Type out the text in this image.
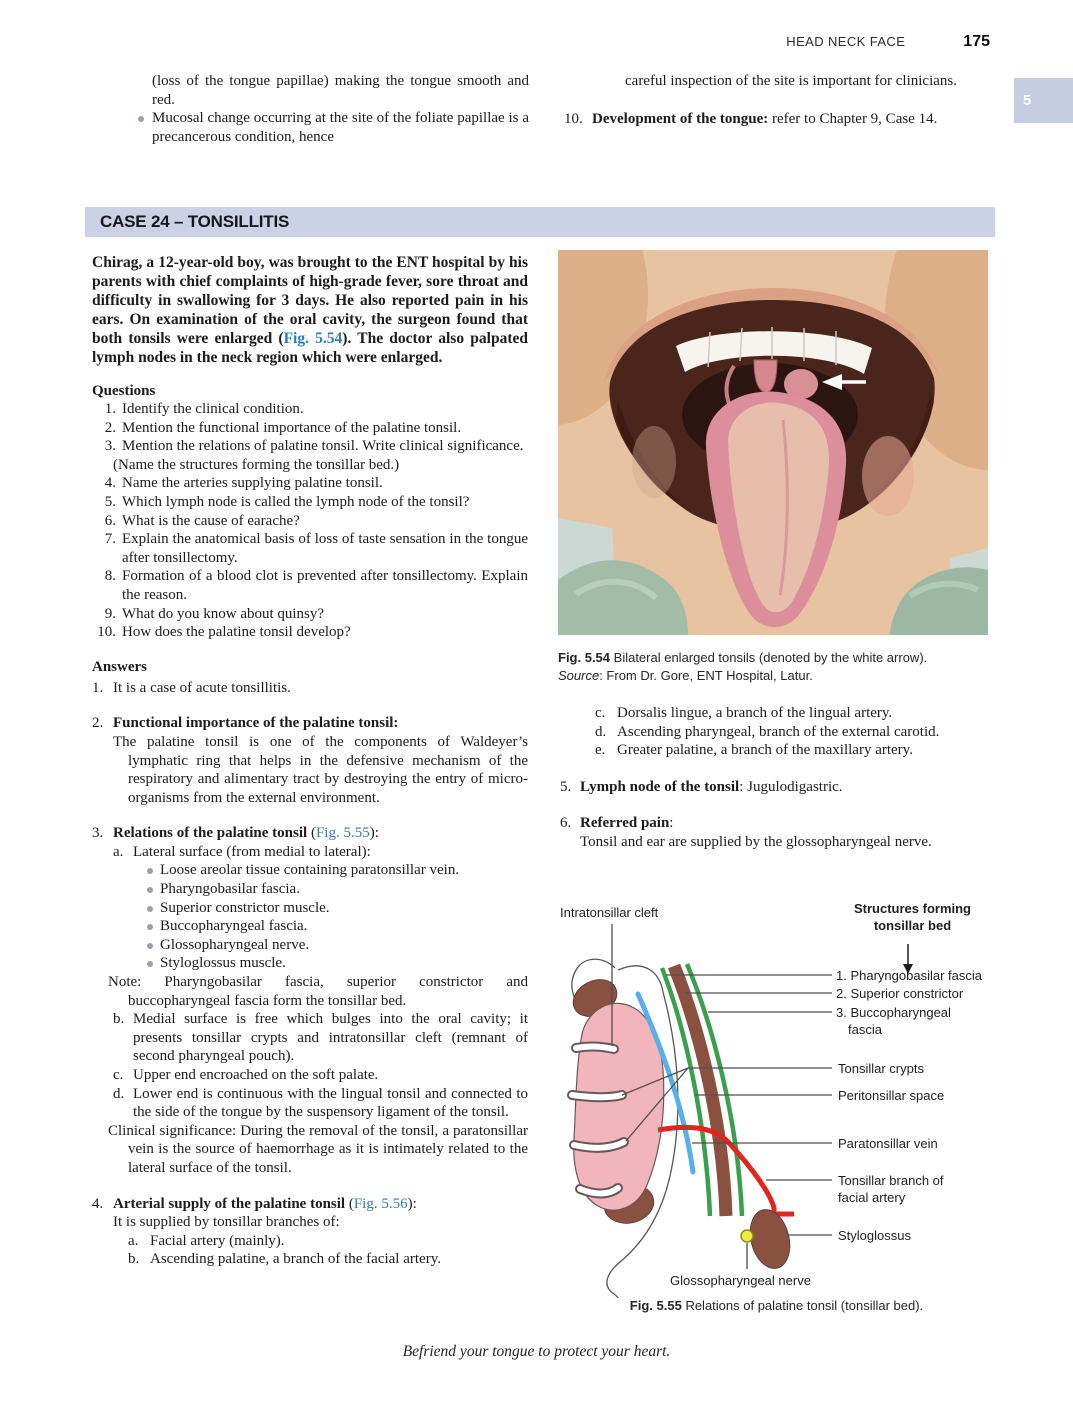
HEAD NECK FACE	175
5
(loss of the tongue papillae) making the tongue smooth and red.
Mucosal change occurring at the site of the foliate papillae is a precancerous condition, hence
careful inspection of the site is important for clinicians.
10. Development of the tongue: refer to Chapter 9, Case 14.
CASE 24 – TONSILLITIS

Chirag, a 12-year-old boy, was brought to the ENT hospital by his parents with chief complaints of high-grade fever, sore throat and difficulty in swallowing for 3 days. He also reported pain in his ears. On examination of the oral cavity, the surgeon found that both tonsils were enlarged (Fig. 5.54). The doctor also palpated lymph nodes in the neck region which were enlarged.

Questions
1. Identify the clinical condition.
2. Mention the functional importance of the palatine tonsil.
3. Mention the relations of palatine tonsil. Write clinical significance.
(Name the structures forming the tonsillar bed.)
4. Name the arteries supplying palatine tonsil.
5. Which lymph node is called the lymph node of the tonsil?
6. What is the cause of earache?
7. Explain the anatomical basis of loss of taste sensation in the tongue after tonsillectomy.
8. Formation of a blood clot is prevented after tonsillectomy. Explain the reason.
9. What do you know about quinsy?
10. How does the palatine tonsil develop?
Answers
1. It is a case of acute tonsillitis.
2. Functional importance of the palatine tonsil:
The palatine tonsil is one of the components of Waldeyer’s lymphatic ring that helps in the defensive mechanism of the respiratory and alimentary tract by destroying the entry of micro-organisms from the external environment.
3. Relations of the palatine tonsil (Fig. 5.55):
a. Lateral surface (from medial to lateral):
Loose areolar tissue containing paratonsillar vein.
Pharyngobasilar fascia.
Superior constrictor muscle.
Buccopharyngeal fascia.
Glossopharyngeal nerve.
Styloglossus muscle.
Note: Pharyngobasilar fascia, superior constrictor and buccopharyngeal fascia form the tonsillar bed.
b. Medial surface is free which bulges into the oral cavity; it presents tonsillar crypts and intratonsillar cleft (remnant of second pharyngeal pouch).
c. Upper end encroached on the soft palate.
d. Lower end is continuous with the lingual tonsil and connected to the side of the tongue by the suspensory ligament of the tonsil.
Clinical significance: During the removal of the tonsil, a paratonsillar vein is the source of haemorrhage as it is intimately related to the lateral surface of the tonsil.
4. Arterial supply of the palatine tonsil (Fig. 5.56):
It is supplied by tonsillar branches of:
a. Facial artery (mainly).
b. Ascending palatine, a branch of the facial artery.
Fig. 5.54 Bilateral enlarged tonsils (denoted by the white arrow).
Source: From Dr. Gore, ENT Hospital, Latur.
c. Dorsalis lingue, a branch of the lingual artery.
d. Ascending pharyngeal, branch of the external carotid.
e. Greater palatine, a branch of the maxillary artery.
5. Lymph node of the tonsil: Jugulodigastric.
6. Referred pain:
Tonsil and ear are supplied by the glossopharyngeal nerve.
Intratonsillar cleft	Structures forming
tonsillar bed
1. Pharyngobasilar fascia
2. Superior constrictor
3. Buccopharyngeal
fascia
Tonsillar crypts
Peritonsillar space
Paratonsillar vein
Tonsillar branch of
facial artery
Styloglossus
Glossopharyngeal nerve
Fig. 5.55 Relations of palatine tonsil (tonsillar bed).
Befriend your tongue to protect your heart.
